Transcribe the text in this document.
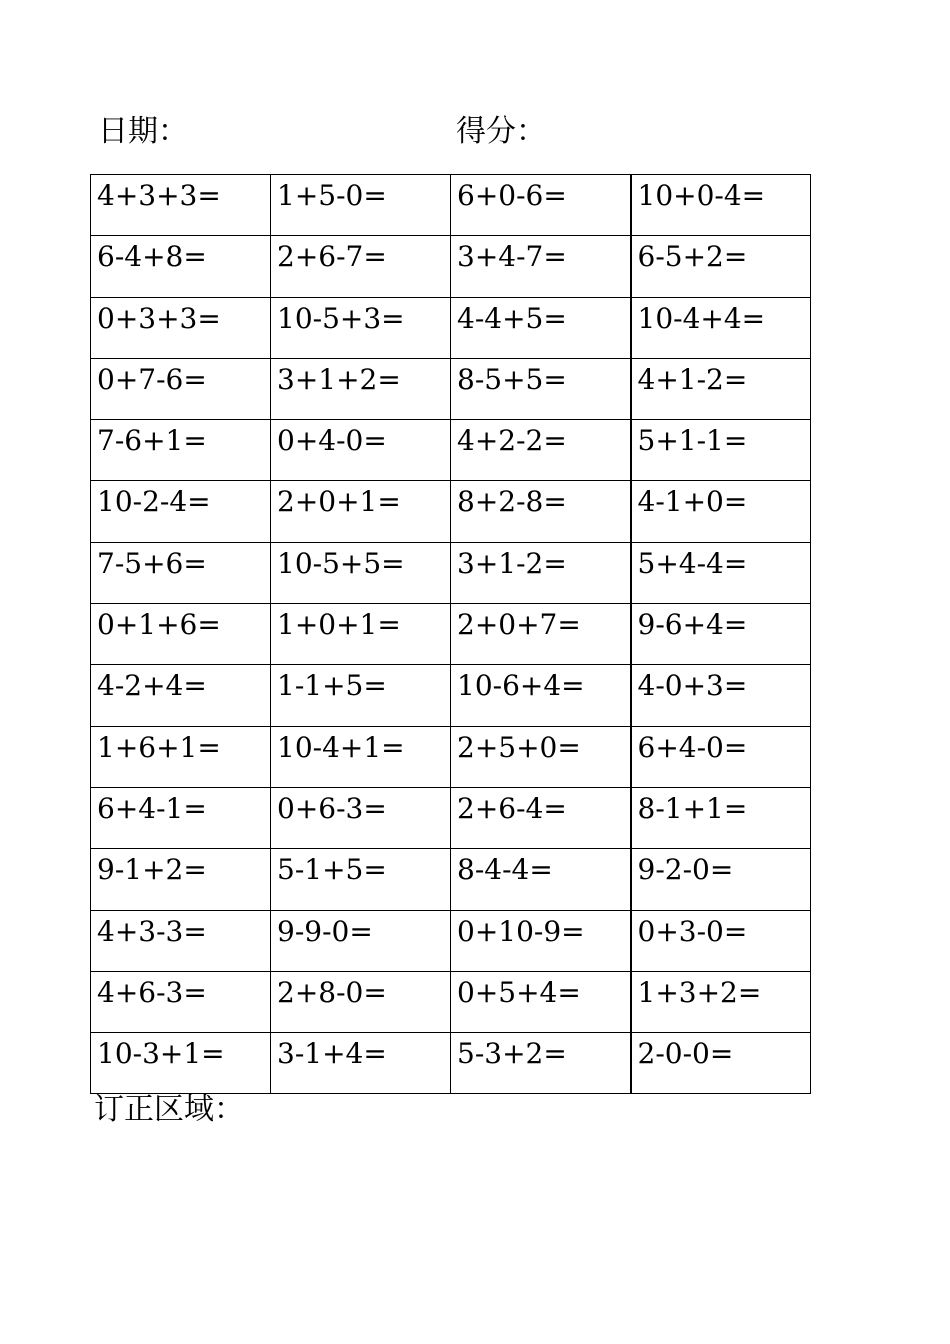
日期：	得分：
4+3+3=	1+5-0=	6+0-6=	10+0-4=
6-4+8=	2+6-7=	3+4-7=	6-5+2=
0+3+3=	10-5+3=	4-4+5=	10-4+4=
0+7-6=	3+1+2=	8-5+5=	4+1-2=
7-6+1=	0+4-0=	4+2-2=	5+1-1=
10-2-4=	2+0+1=	8+2-8=	4-1+0=
7-5+6=	10-5+5=	3+1-2=	5+4-4=
0+1+6=	1+0+1=	2+0+7=	9-6+4=
4-2+4=	1-1+5=	10-6+4=	4-0+3=
1+6+1=	10-4+1=	2+5+0=	6+4-0=
6+4-1=	0+6-3=	2+6-4=	8-1+1=
9-1+2=	5-1+5=	8-4-4=	9-2-0=
4+3-3=	9-9-0=	0+10-9=	0+3-0=
4+6-3=	2+8-0=	0+5+4=	1+3+2=
10-3+1=	3-1+4=	5-3+2=	2-0-0=
订正区域：
